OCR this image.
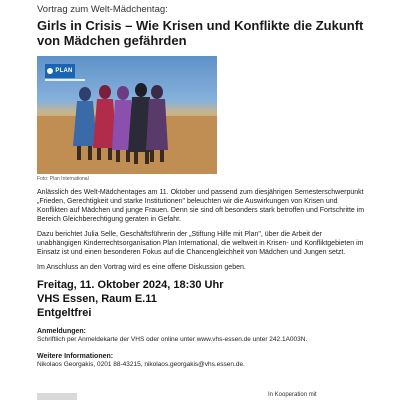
Vortrag zum Welt-Mädchentag:
Girls in Crisis – Wie Krisen und Konflikte die Zukunft von Mädchen gefährden
PLAN
Foto: Plan International
Anlässlich des Welt-Mädchentages am 11. Oktober und passend zum diesjährigen Semesterschwerpunkt „Frieden, Gerechtigkeit und starke Institutionen" beleuchten wir die Auswirkungen von Krisen und Konflikten auf Mädchen und junge Frauen. Denn sie sind oft besonders stark betroffen und Fortschritte im Bereich Gleichberechtigung geraten in Gefahr.
Dazu berichtet Julia Selle, Geschäftsführerin der „Stiftung Hilfe mit Plan", über die Arbeit der unabhängigen Kinderrechtsorganisation Plan International, die weltweit in Krisen- und Konfliktgebieten im Einsatz ist und einen besonderen Fokus auf die Chancengleichheit von Mädchen und Jungen setzt.
Im Anschluss an den Vortrag wird es eine offene Diskussion geben.
Freitag, 11. Oktober 2024, 18:30 Uhr
VHS Essen, Raum E.11
Entgeltfrei
Anmeldungen:
Schriftlich per Anmeldekarte der VHS oder online unter www.vhs-essen.de unter 242.1A003N.
Weitere Informationen:
Nikolaos Georgakis, 0201 88-43215, nikolaos.georgakis@vhs.essen.de.
In Kooperation mit
